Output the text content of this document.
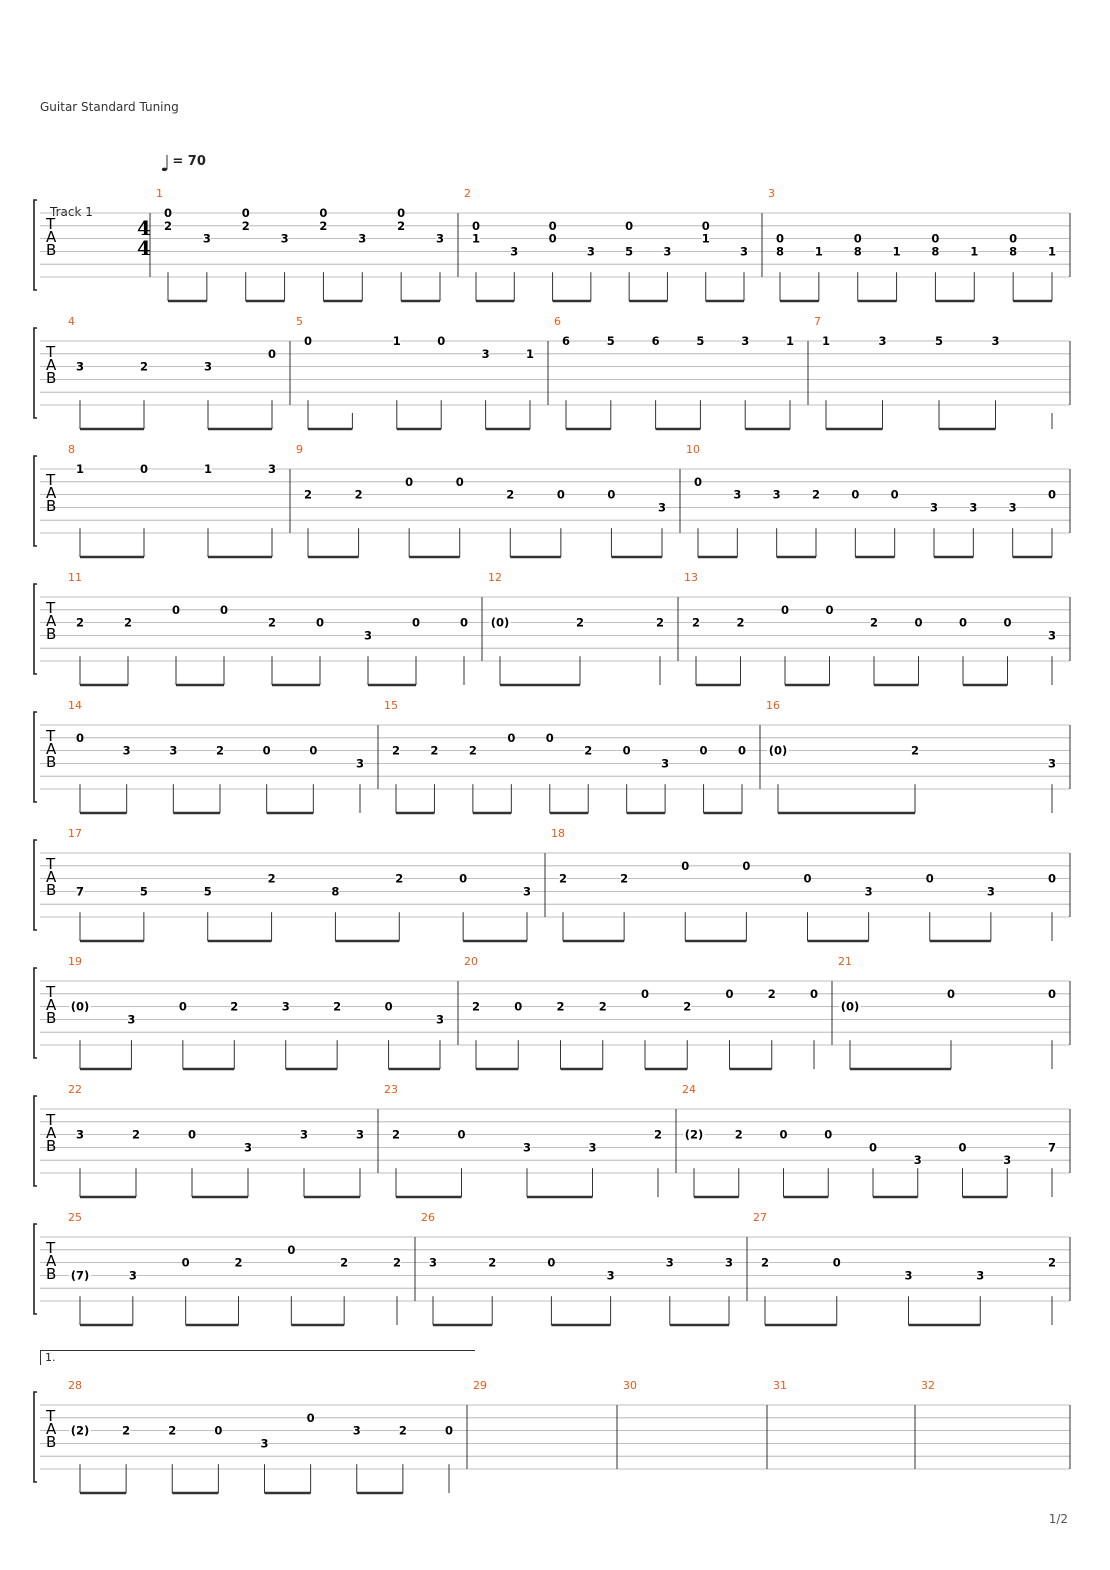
Guitar Standard Tuning
♩ = 70
Track 1
1.
1/2
T
A
B
4
4
1
0
2
3
0
2
3
0
2
3
0
2
3
2
0
1
3
0
0
3
0
5	3
0
1
3
3
0
8	1
0
8	1
0
8	1
0
8	1
T
A
B
4
3	2	3
0
5
0	1	0
3	1
6
6	5	6	5	3	1
7
1	3	5	3
T
A
B
8
1	0	1	3
9
2	2
0	0
2	0	0
3
10
0
3	3	2	0	0
3	3	3
0
T
A
B
11
2	2
0	0
2	0
3
0	0
12
(0)	2	2
13
2	2
0	0
2	0	0	0
3
T
A
B
14
0
3	3	2	0	0
3
15
2	2	2
0	0
2	0
3
0	0
16
(0)	2
3
T
A
B
17
7	5	5
2
8
2	0
3
18
2	2
0	0
0
3
0
3
0
T
A
B
19
(0)
3
0	2	3	2	0
3
20
2	0	2	2
0
2
0	2	0
21
(0)
0	0
T
A
B
22
3	2	0
3
3	3
23
2	0
3	3
2
24
(2)	2	0	0
0
3
0
3
7
T
A
B
25
(7)	3
0	2
0
2	2
26
3	2	0
3
3	3
27
2	0
3	3
2
T
A
B
28
(2)	2	2	0
3
0
3	2	0
29	30	31	32
